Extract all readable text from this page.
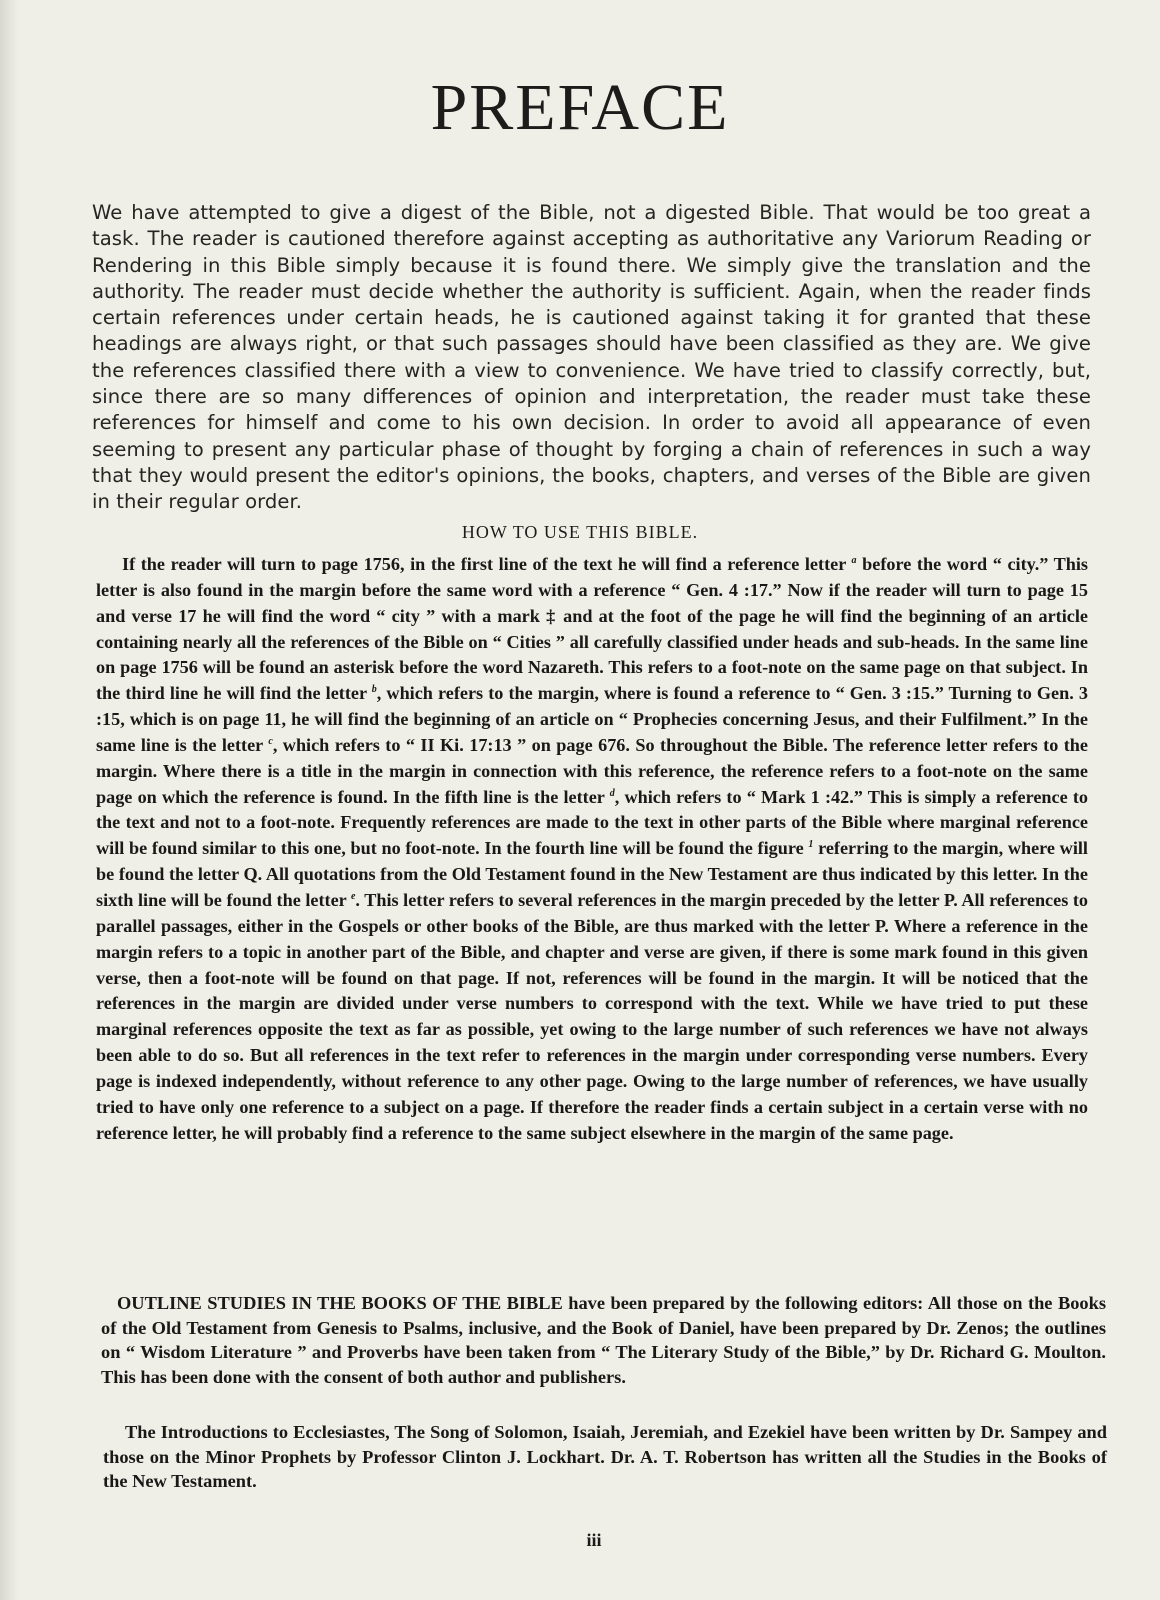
PREFACE

We have attempted to give a digest of the Bible, not a digested Bible. That would be too great a task. The reader is cautioned therefore against accepting as authoritative any Variorum Reading or Rendering in this Bible simply because it is found there. We simply give the translation and the authority. The reader must decide whether the authority is sufficient. Again, when the reader finds certain references under certain heads, he is cautioned against taking it for granted that these headings are always right, or that such passages should have been classified as they are. We give the references classified there with a view to convenience. We have tried to classify correctly, but, since there are so many differences of opinion and interpretation, the reader must take these references for himself and come to his own decision. In order to avoid all appearance of even seeming to present any particular phase of thought by forging a chain of references in such a way that they would present the editor's opinions, the books, chapters, and verses of the Bible are given in their regular order.

HOW TO USE THIS BIBLE.

If the reader will turn to page 1756, in the first line of the text he will find a reference letter $^a$ before the word “ city.” This letter is also found in the margin before the same word with a reference “ Gen. 4 :17.” Now if the reader will turn to page 15 and verse 17 he will find the word “ city ” with a mark ‡ and at the foot of the page he will find the beginning of an article containing nearly all the references of the Bible on “ Cities ” all carefully classified under heads and sub-heads. In the same line on page 1756 will be found an asterisk before the word Nazareth. This refers to a foot-note on the same page on that subject. In the third line he will find the letter $^b$, which refers to the margin, where is found a reference to “ Gen. 3 :15.” Turning to Gen. 3 :15, which is on page 11, he will find the beginning of an article on “ Prophecies concerning Jesus, and their Fulfilment.” In the same line is the letter $^c$, which refers to “ II Ki. 17:13 ” on page 676. So throughout the Bible. The reference letter refers to the margin. Where there is a title in the margin in connection with this reference, the reference refers to a foot-note on the same page on which the reference is found. In the fifth line is the letter $^d$, which refers to “ Mark 1 :42.” This is simply a reference to the text and not to a foot-note. Frequently references are made to the text in other parts of the Bible where marginal reference will be found similar to this one, but no foot-note. In the fourth line will be found the figure $^1$ referring to the margin, where will be found the letter Q. All quotations from the Old Testament found in the New Testament are thus indicated by this letter. In the sixth line will be found the letter $^e$. This letter refers to several references in the margin preceded by the letter P. All references to parallel passages, either in the Gospels or other books of the Bible, are thus marked with the letter P. Where a reference in the margin refers to a topic in another part of the Bible, and chapter and verse are given, if there is some mark found in this given verse, then a foot-note will be found on that page. If not, references will be found in the margin. It will be noticed that the references in the margin are divided under verse numbers to correspond with the text. While we have tried to put these marginal references opposite the text as far as possible, yet owing to the large number of such references we have not always been able to do so. But all references in the text refer to references in the margin under corresponding verse numbers. Every page is indexed independently, without reference to any other page. Owing to the large number of references, we have usually tried to have only one reference to a subject on a page. If therefore the reader finds a certain subject in a certain verse with no reference letter, he will probably find a reference to the same subject elsewhere in the margin of the same page.

OUTLINE STUDIES IN THE BOOKS OF THE BIBLE have been prepared by the following editors: All those on the Books of the Old Testament from Genesis to Psalms, inclusive, and the Book of Daniel, have been prepared by Dr. Zenos; the outlines on “ Wisdom Literature ” and Proverbs have been taken from “ The Literary Study of the Bible,” by Dr. Richard G. Moulton. This has been done with the consent of both author and publishers.

The Introductions to Ecclesiastes, The Song of Solomon, Isaiah, Jeremiah, and Ezekiel have been written by Dr. Sampey and those on the Minor Prophets by Professor Clinton J. Lockhart. Dr. A. T. Robertson has written all the Studies in the Books of the New Testament.

iii
